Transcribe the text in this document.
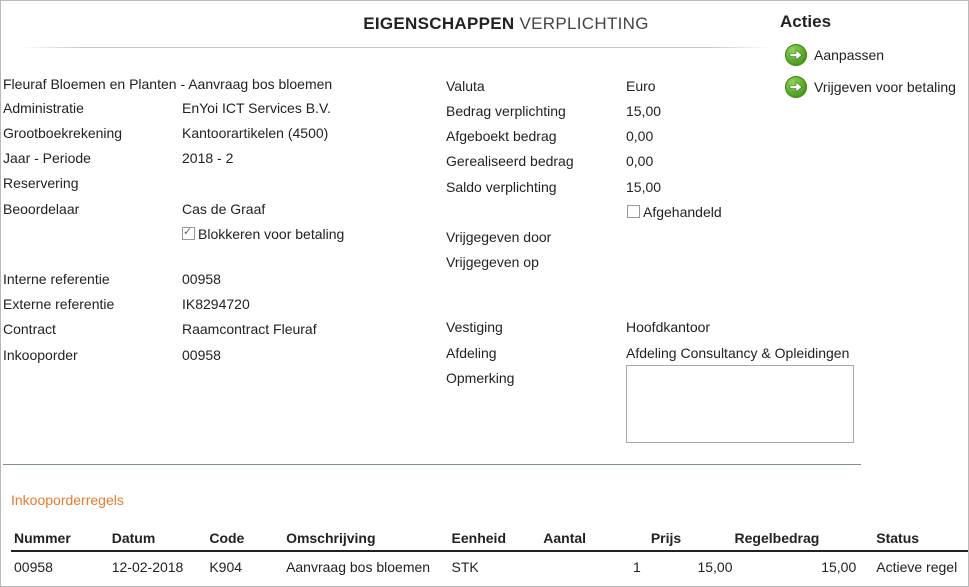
EIGENSCHAPPEN VERPLICHTING	Acties
Aanpassen
Vrijgeven voor betaling
Fleuraf Bloemen en Planten - Aanvraag bos bloemen
Administratie	EnYoi ICT Services B.V.
Grootboekrekening	Kantoorartikelen (4500)
Jaar - Periode	2018 - 2
Reservering
Beoordelaar	Cas de Graaf
✓Blokkeren voor betaling
Interne referentie	00958
Externe referentie	IK8294720
Contract	Raamcontract Fleuraf
Inkooporder	00958
Valuta	Euro
Bedrag verplichting	15,00
Afgeboekt bedrag	0,00
Gerealiseerd bedrag	0,00
Saldo verplichting	15,00
Afgehandeld
Vrijgegeven door
Vrijgegeven op
Vestiging	Hoofdkantoor
Afdeling	Afdeling Consultancy & Opleidingen
Opmerking
Inkooporderregels
Nummer	Datum	Code	Omschrijving	Eenheid	Aantal	Prijs	Regelbedrag	Status
00958	12-02-2018	K904	Aanvraag bos bloemen	STK	1	15,00	15,00	Actieve regel
